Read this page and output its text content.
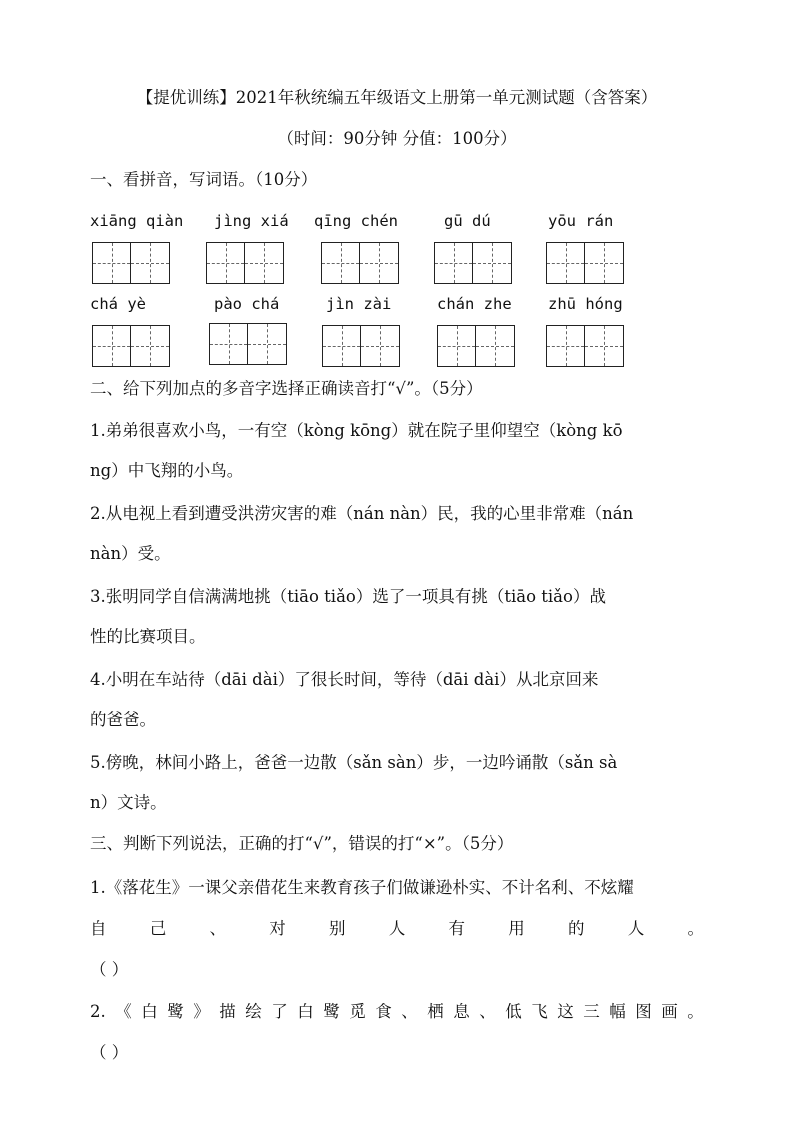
【提优训练】2021年秋统编五年级语文上册第一单元测试题（含答案）
（时间：90分钟 分值：100分）
一、看拼音，写词语。（10分）
xiāng qiàn jìng xiá qīng chén	gū dú	yōu rán
chá yè	pào chá	jìn zài	chán zhe zhū hóng
二、给下列加点的多音字选择正确读音打“√”。（5分）
1.弟弟很喜欢小鸟，一有空（kòng kōng）就在院子里仰望空（kòng kō
ng）中飞翔的小鸟。
2.从电视上看到遭受洪涝灾害的难（nán nàn）民，我的心里非常难（nán
nàn）受。
3.张明同学自信满满地挑（tiāo tiǎo）选了一项具有挑（tiāo tiǎo）战
性的比赛项目。
4.小明在车站待（dāi dài）了很长时间，等待（dāi dài）从北京回来
的爸爸。
5.傍晚，林间小路上，爸爸一边散（sǎn sàn）步，一边吟诵散（sǎn sà
n）文诗。
三、判断下列说法，正确的打“√”，错误的打“×”。（5分）
1.《落花生》一课父亲借花生来教育孩子们做谦逊朴实、不计名利、不炫耀
自	己	、	对	别	人	有	用	的	人	。
（ ）
2. 《 白 鹭 》 描 绘 了 白 鹭 觅 食 、 栖 息 、 低 飞 这 三 幅 图 画 。
（ ）
